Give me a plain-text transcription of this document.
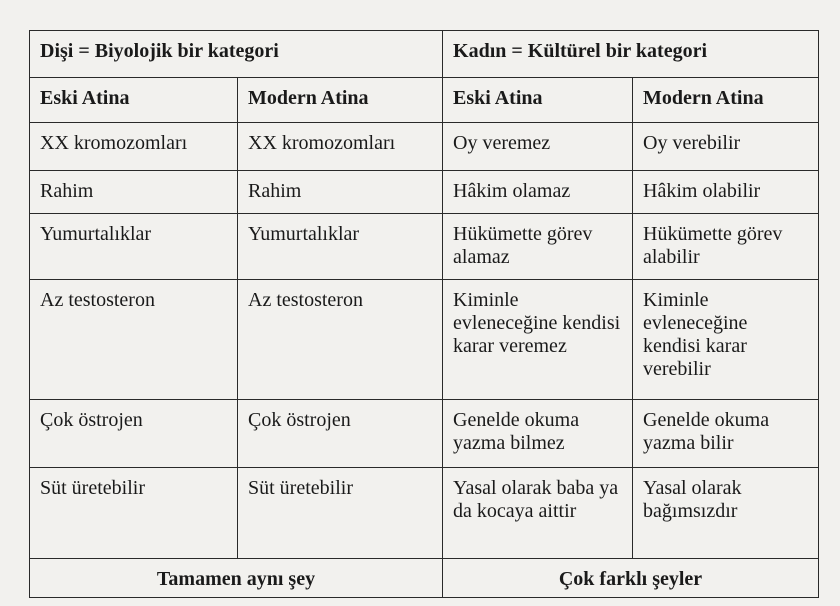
Dişi = Biyolojik bir kategori		Kadın = Kültürel bir kategori	
Eski Atina	Modern Atina	Eski Atina	Modern Atina
XX kromozomları	XX kromozomları	Oy veremez	Oy verebilir
Rahim	Rahim	Hâkim olamaz	Hâkim olabilir
Yumurtalıklar	Yumurtalıklar	Hükümette görev alamaz	Hükümette görev alabilir
Az testosteron	Az testosteron	Kiminle evleneceğine kendisi karar veremez	Kiminle evleneceğine kendisi karar verebilir
Çok östrojen	Çok östrojen	Genelde okuma yazma bilmez	Genelde okuma yazma bilir
Süt üretebilir	Süt üretebilir	Yasal olarak baba ya da kocaya aittir	Yasal olarak bağımsızdır
Tamamen aynı şey		Çok farklı şeyler	
